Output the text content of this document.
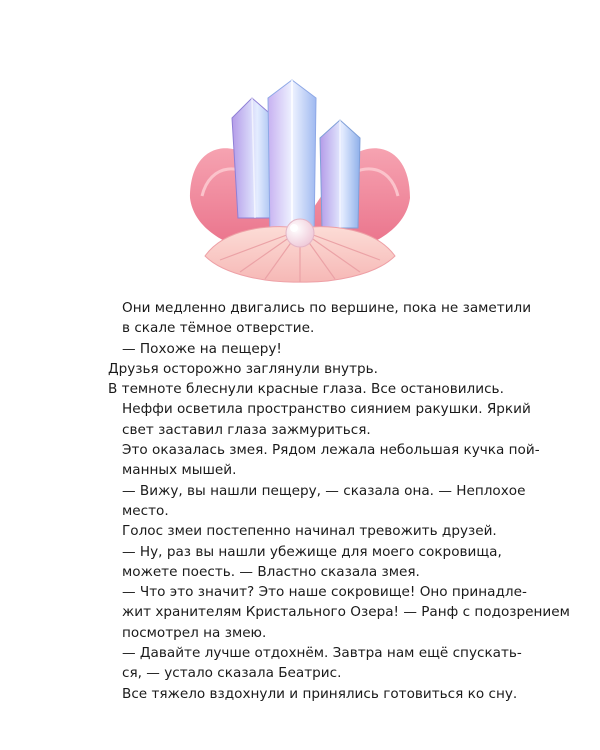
Они медленно двигались по вершине, пока не заметили
в скале тёмное отверстие.

— Похоже на пещеру!

Друзья осторожно заглянули внутрь.

В темноте блеснули красные глаза. Все остановились.

Неффи осветила пространство сиянием ракушки. Яркий
свет заставил глаза зажмуриться.

Это оказалась змея. Рядом лежала небольшая кучка пой-
манных мышей.

— Вижу, вы нашли пещеру, — сказала она. — Неплохое
место.

Голос змеи постепенно начинал тревожить друзей.

— Ну, раз вы нашли убежище для моего сокровища,
можете поесть. — Властно сказала змея.

— Что это значит? Это наше сокровище! Оно принадле-
жит хранителям Кристального Озера! — Ранф с подозрением
посмотрел на змею.

— Давайте лучше отдохнём. Завтра нам ещё спускать-
ся, — устало сказала Беатрис.

Все тяжело вздохнули и принялись готовиться ко сну.
